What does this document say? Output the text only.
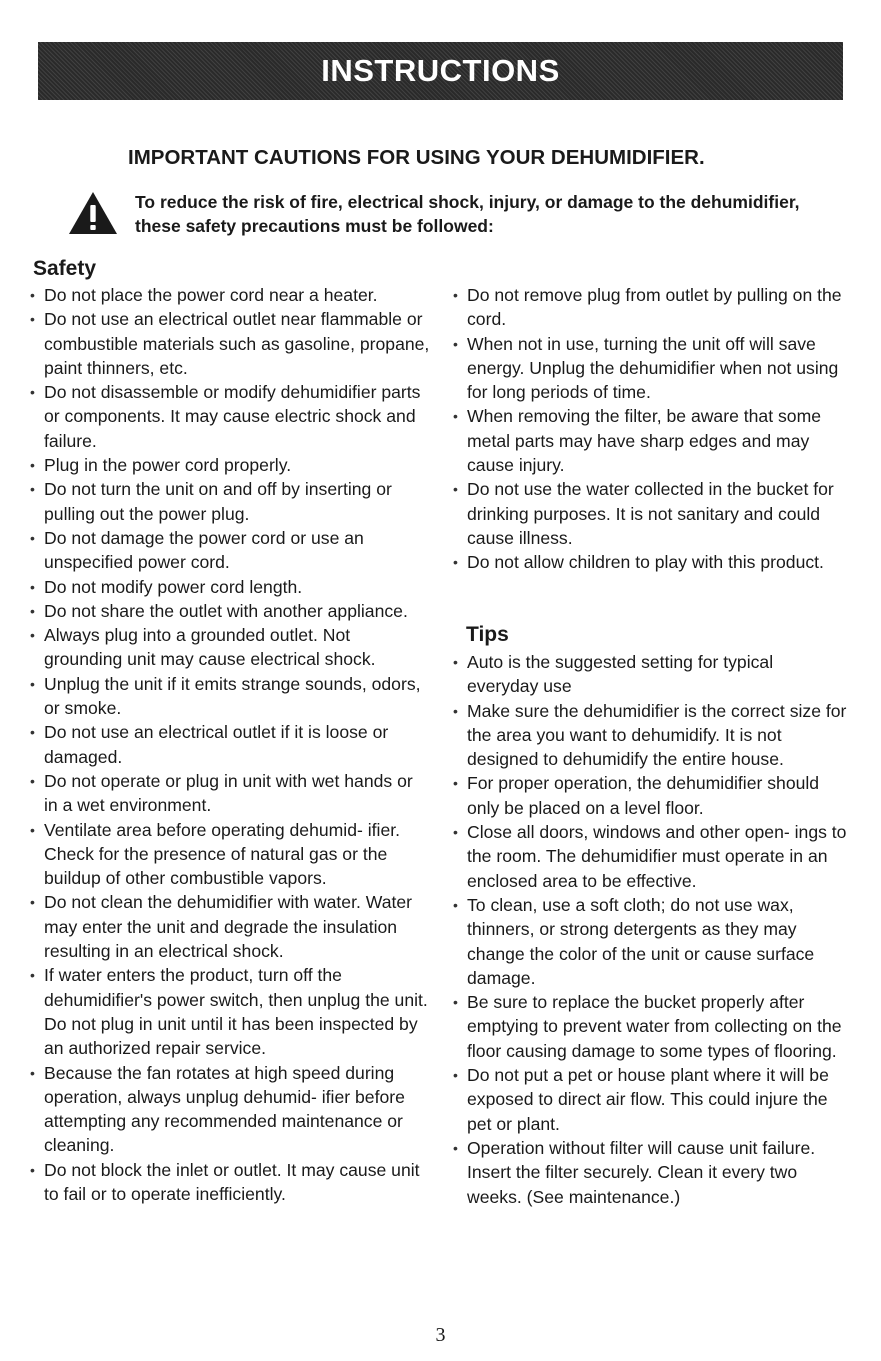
INSTRUCTIONS
IMPORTANT CAUTIONS FOR USING YOUR DEHUMIDIFIER.
To reduce the risk of fire, electrical shock, injury, or damage to the dehumidifier, these safety precautions must be followed:
Safety
• Do not place the power cord near a heater.
• Do not use an electrical outlet near flammable or combustible materials such as gasoline, propane, paint thinners, etc.
• Do not disassemble or modify dehumidifier parts or components. It may cause electric shock and failure.
• Plug in the power cord properly.
• Do not turn the unit on and off by inserting or pulling out the power plug.
• Do not damage the power cord or use an unspecified power cord.
• Do not modify power cord length.
• Do not share the outlet with another appliance.
• Always plug into a grounded outlet. Not grounding unit may cause electrical shock.
• Unplug the unit if it emits strange sounds, odors, or smoke.
• Do not use an electrical outlet if it is loose or damaged.
• Do not operate or plug in unit with wet hands or in a wet environment.
• Ventilate area before operating dehumid- ifier. Check for the presence of natural gas or the buildup of other combustible vapors.
• Do not clean the dehumidifier with water. Water may enter the unit and degrade the insulation resulting in an electrical shock.
• If water enters the product, turn off the dehumidifier's power switch, then unplug the unit. Do not plug in unit until it has been inspected by an authorized repair service.
• Because the fan rotates at high speed during operation, always unplug dehumid- ifier before attempting any recommended maintenance or cleaning.
• Do not block the inlet or outlet. It may cause unit to fail or to operate inefficiently.
• Do not remove plug from outlet by pulling on the cord.
• When not in use, turning the unit off will save energy. Unplug the dehumidifier when not using for long periods of time.
• When removing the filter, be aware that some metal parts may have sharp edges and may cause injury.
• Do not use the water collected in the bucket for drinking purposes. It is not sanitary and could cause illness.
• Do not allow children to play with this product.
Tips
• Auto is the suggested setting for typical everyday use
• Make sure the dehumidifier is the correct size for the area you want to dehumidify. It is not designed to dehumidify the entire house.
• For proper operation, the dehumidifier should only be placed on a level floor.
• Close all doors, windows and other open- ings to the room. The dehumidifier must operate in an enclosed area to be effective.
• To clean, use a soft cloth; do not use wax, thinners, or strong detergents as they may change the color of the unit or cause surface damage.
• Be sure to replace the bucket properly after emptying to prevent water from collecting on the floor causing damage to some types of flooring.
• Do not put a pet or house plant where it will be exposed to direct air flow. This could injure the pet or plant.
• Operation without filter will cause unit failure. Insert the filter securely. Clean it every two weeks. (See maintenance.)
3
